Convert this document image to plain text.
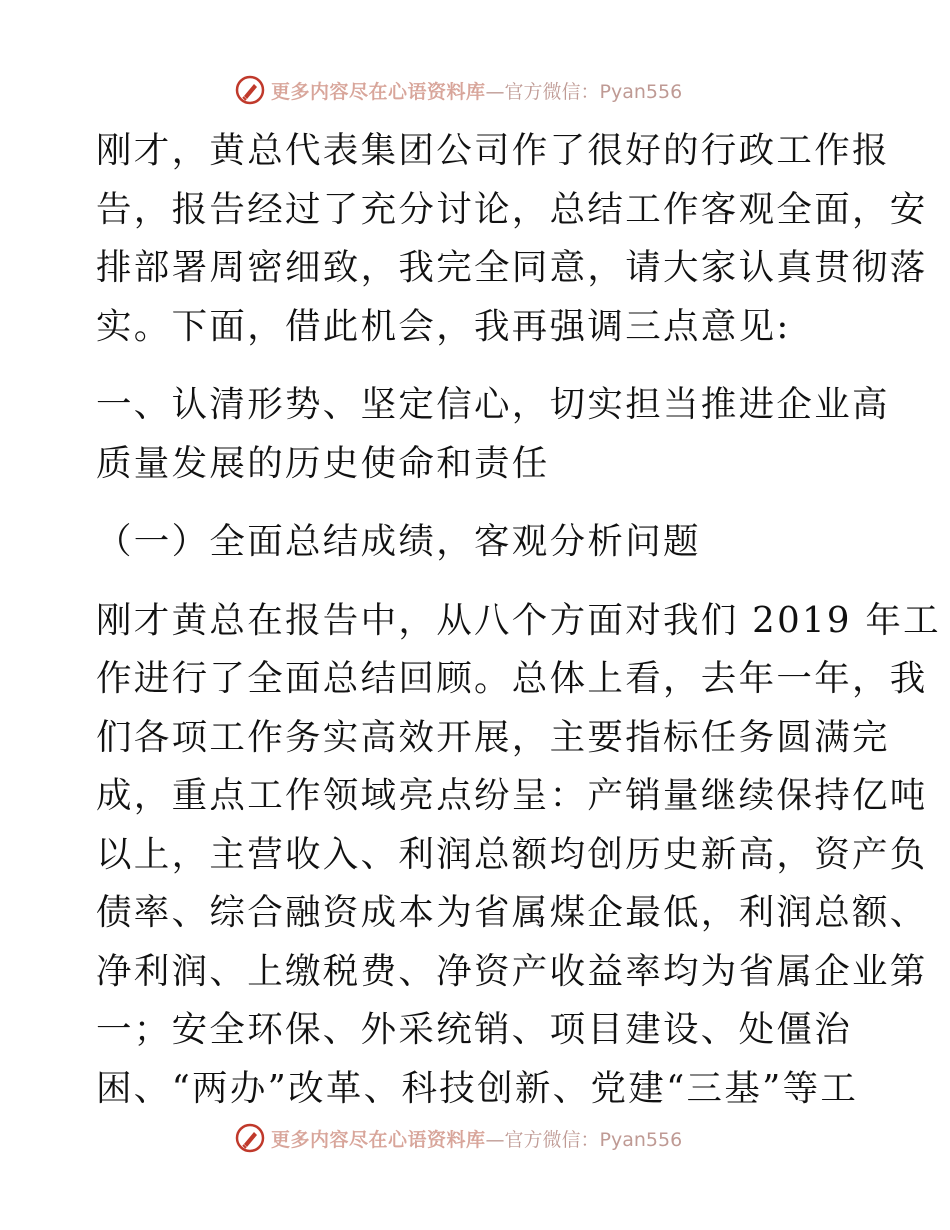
更多内容尽在心语资料库 —官方微信：Pyan556

刚才，黄总代表集团公司作了很好的行政工作报
告，报告经过了充分讨论，总结工作客观全面，安
排部署周密细致，我完全同意，请大家认真贯彻落
实。下面，借此机会，我再强调三点意见:

一、认清形势、坚定信心，切实担当推进企业高
质量发展的历史使命和责任

（一）全面总结成绩，客观分析问题

刚才黄总在报告中，从八个方面对我们 2019 年工
作进行了全面总结回顾。总体上看，去年一年，我
们各项工作务实高效开展，主要指标任务圆满完
成，重点工作领域亮点纷呈：产销量继续保持亿吨
以上，主营收入、利润总额均创历史新高，资产负
债率、综合融资成本为省属煤企最低，利润总额、
净利润、上缴税费、净资产收益率均为省属企业第
一；安全环保、外采统销、项目建设、处僵治
困、“两办”改革、科技创新、党建“三基”等工

更多内容尽在心语资料库 —官方微信：Pyan556
